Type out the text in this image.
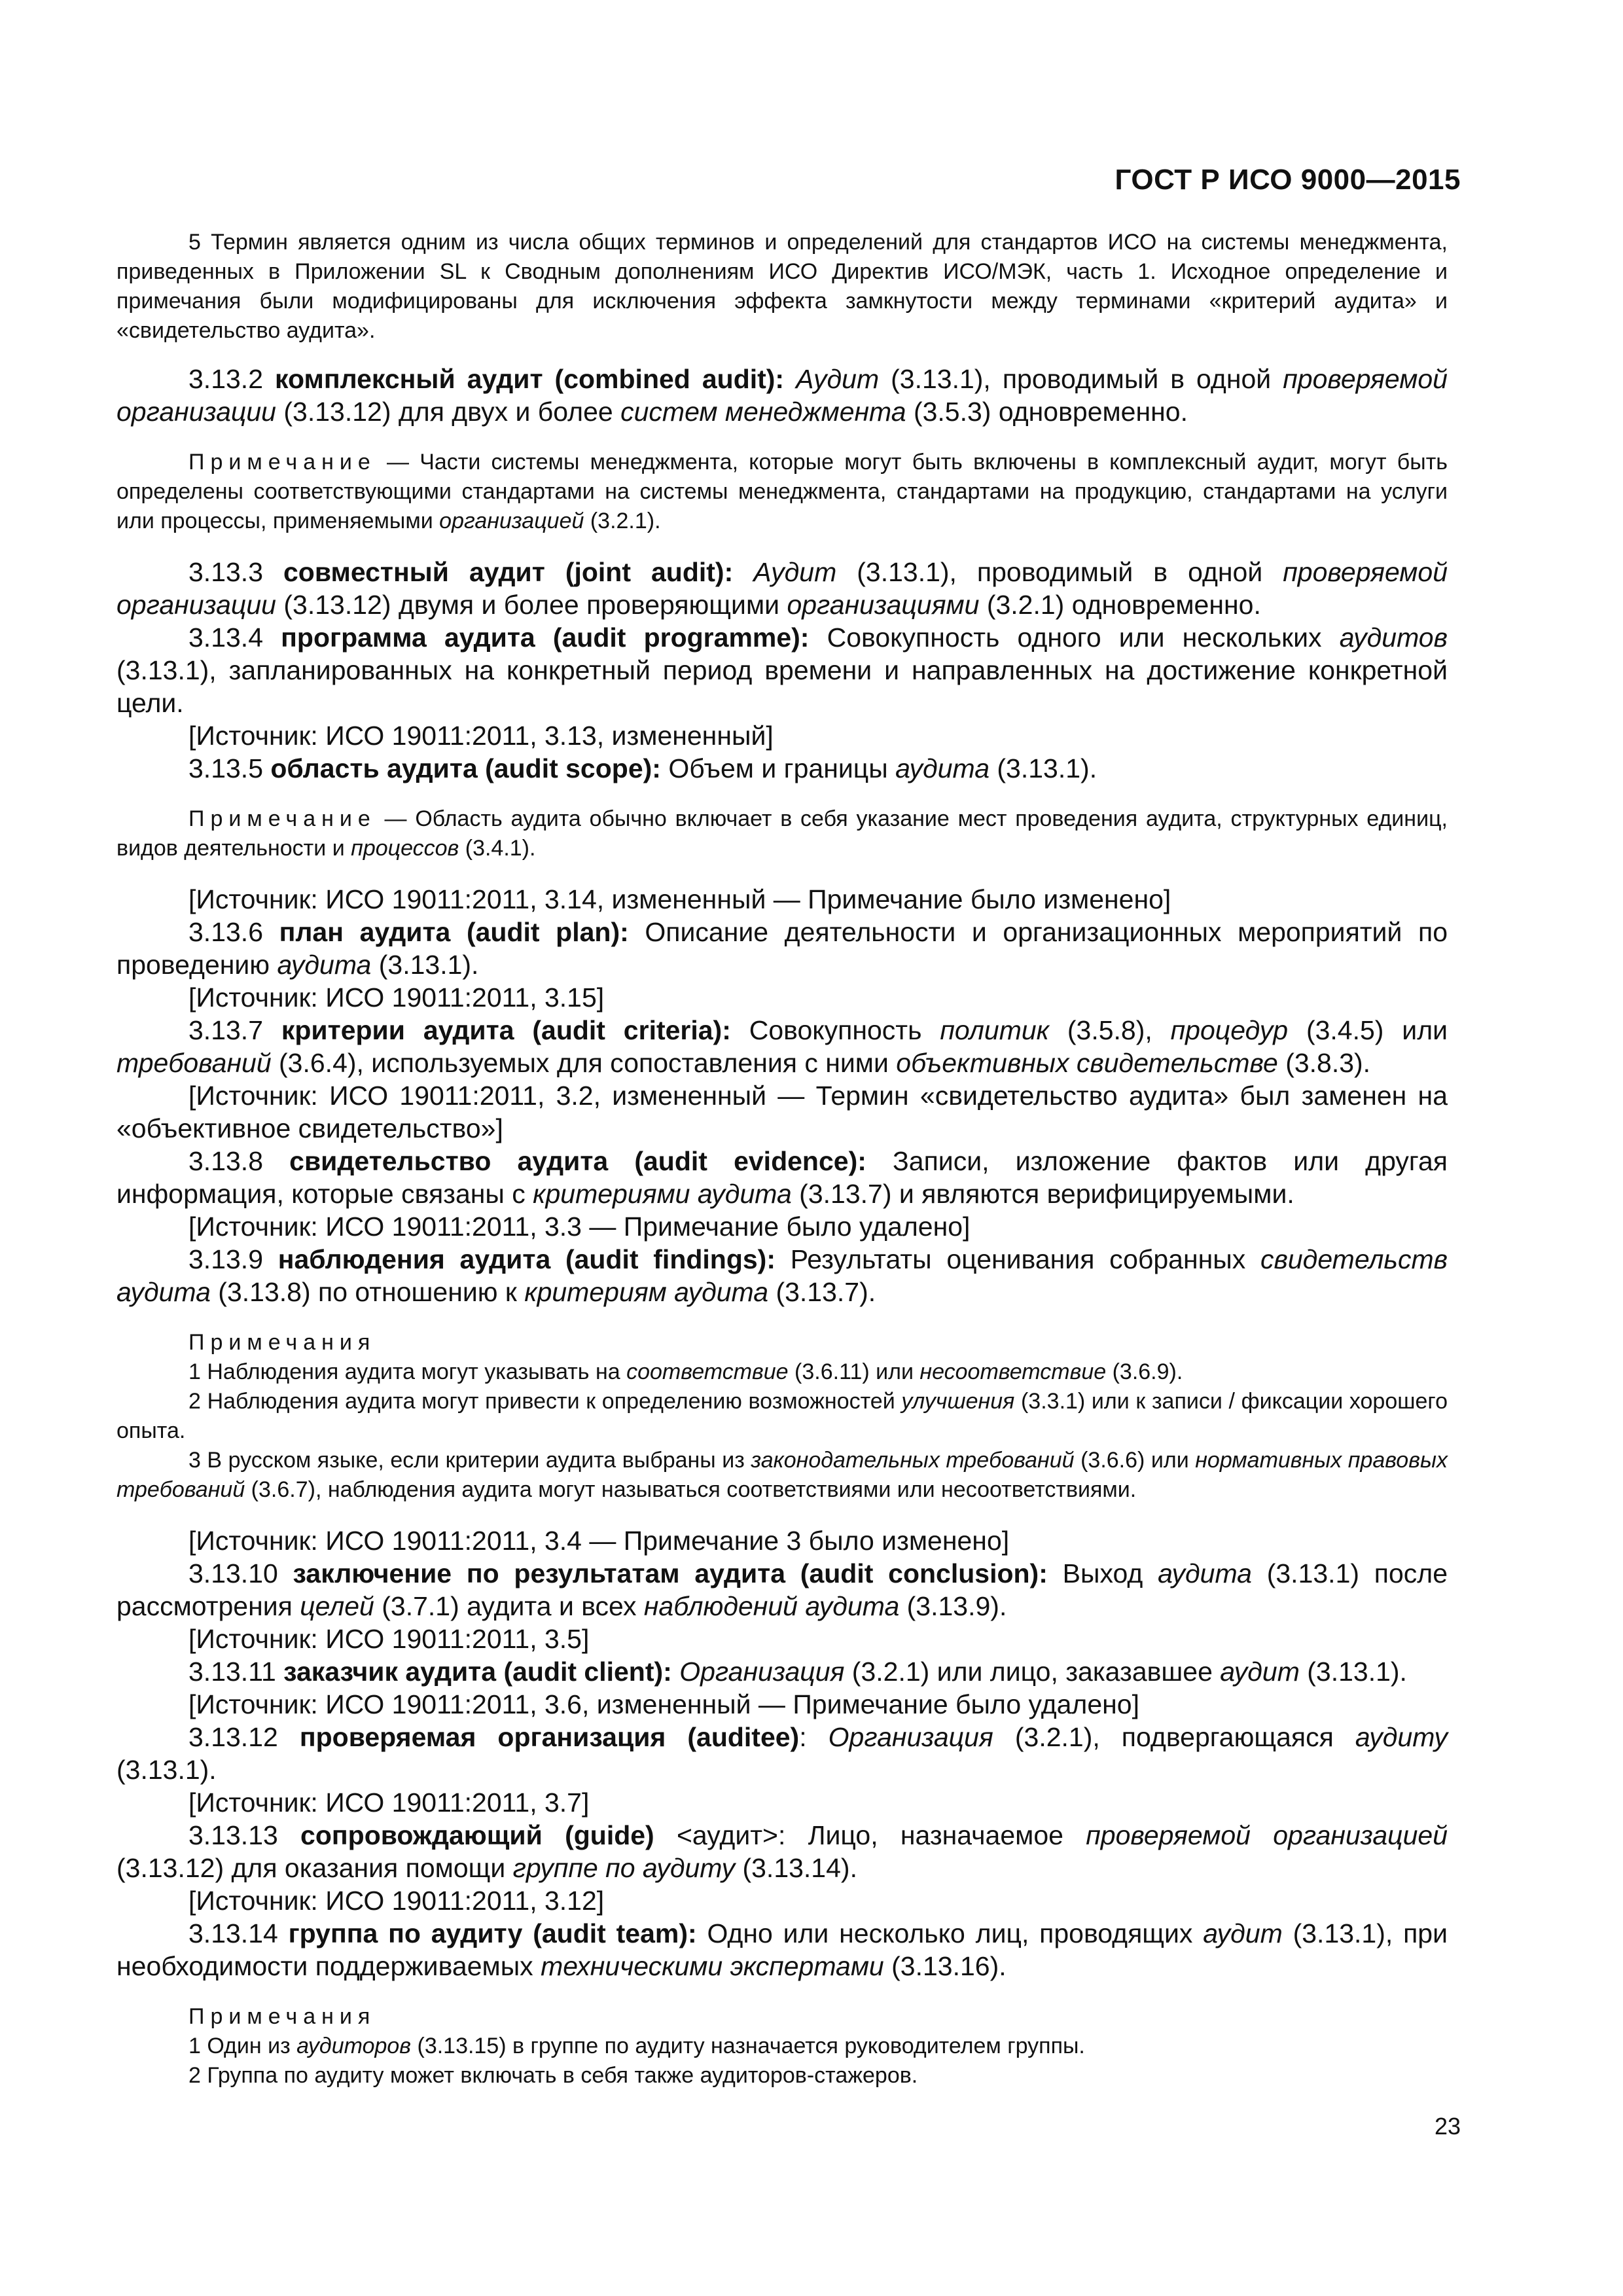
ГОСТ Р ИСО 9000—2015

5 Термин является одним из числа общих терминов и определений для стандартов ИСО на системы менеджмента, приведенных в Приложении SL к Сводным дополнениям ИСО Директив ИСО/МЭК, часть 1. Исходное определение и примечания были модифицированы для исключения эффекта замкнутости между терминами «критерий аудита» и «свидетельство аудита».

3.13.2 комплексный аудит (combined audit): Аудит (3.13.1), проводимый в одной проверяемой организации (3.13.12) для двух и более систем менеджмента (3.5.3) одновременно.

Примечание — Части системы менеджмента, которые могут быть включены в комплексный аудит, могут быть определены соответствующими стандартами на системы менеджмента, стандартами на продукцию, стандартами на услуги или процессы, применяемыми организацией (3.2.1).

3.13.3 совместный аудит (joint audit): Аудит (3.13.1), проводимый в одной проверяемой организации (3.13.12) двумя и более проверяющими организациями (3.2.1) одновременно.

3.13.4 программа аудита (audit programme): Совокупность одного или нескольких аудитов (3.13.1), запланированных на конкретный период времени и направленных на достижение конкретной цели.

[Источник: ИСО 19011:2011, 3.13, измененный]

3.13.5 область аудита (audit scope): Объем и границы аудита (3.13.1).

Примечание — Область аудита обычно включает в себя указание мест проведения аудита, структурных единиц, видов деятельности и процессов (3.4.1).

[Источник: ИСО 19011:2011, 3.14, измененный — Примечание было изменено]

3.13.6 план аудита (audit plan): Описание деятельности и организационных мероприятий по проведению аудита (3.13.1).

[Источник: ИСО 19011:2011, 3.15]

3.13.7 критерии аудита (audit criteria): Совокупность политик (3.5.8), процедур (3.4.5) или требований (3.6.4), используемых для сопоставления с ними объективных свидетельстве (3.8.3).

[Источник: ИСО 19011:2011, 3.2, измененный — Термин «свидетельство аудита» был заменен на «объективное свидетельство»]

3.13.8 свидетельство аудита (audit evidence): Записи, изложение фактов или другая информация, которые связаны с критериями аудита (3.13.7) и являются верифицируемыми.

[Источник: ИСО 19011:2011, 3.3 — Примечание было удалено]

3.13.9 наблюдения аудита (audit findings): Результаты оценивания собранных свидетельств аудита (3.13.8) по отношению к критериям аудита (3.13.7).

Примечания

1 Наблюдения аудита могут указывать на соответствие (3.6.11) или несоответствие (3.6.9).

2 Наблюдения аудита могут привести к определению возможностей улучшения (3.3.1) или к записи / фиксации хорошего опыта.

3 В русском языке, если критерии аудита выбраны из законодательных требований (3.6.6) или нормативных правовых требований (3.6.7), наблюдения аудита могут называться соответствиями или несоответствиями.

[Источник: ИСО 19011:2011, 3.4 — Примечание 3 было изменено]

3.13.10 заключение по результатам аудита (audit conclusion): Выход аудита (3.13.1) после рассмотрения целей (3.7.1) аудита и всех наблюдений аудита (3.13.9).

[Источник: ИСО 19011:2011, 3.5]

3.13.11 заказчик аудита (audit client): Организация (3.2.1) или лицо, заказавшее аудит (3.13.1).

[Источник: ИСО 19011:2011, 3.6, измененный — Примечание было удалено]

3.13.12 проверяемая организация (auditee): Организация (3.2.1), подвергающаяся аудиту (3.13.1).

[Источник: ИСО 19011:2011, 3.7]

3.13.13 сопровождающий (guide) <аудит>: Лицо, назначаемое проверяемой организацией (3.13.12) для оказания помощи группе по аудиту (3.13.14).

[Источник: ИСО 19011:2011, 3.12]

3.13.14 группа по аудиту (audit team): Одно или несколько лиц, проводящих аудит (3.13.1), при необходимости поддерживаемых техническими экспертами (3.13.16).

Примечания

1 Один из аудиторов (3.13.15) в группе по аудиту назначается руководителем группы.

2 Группа по аудиту может включать в себя также аудиторов-стажеров.

23
